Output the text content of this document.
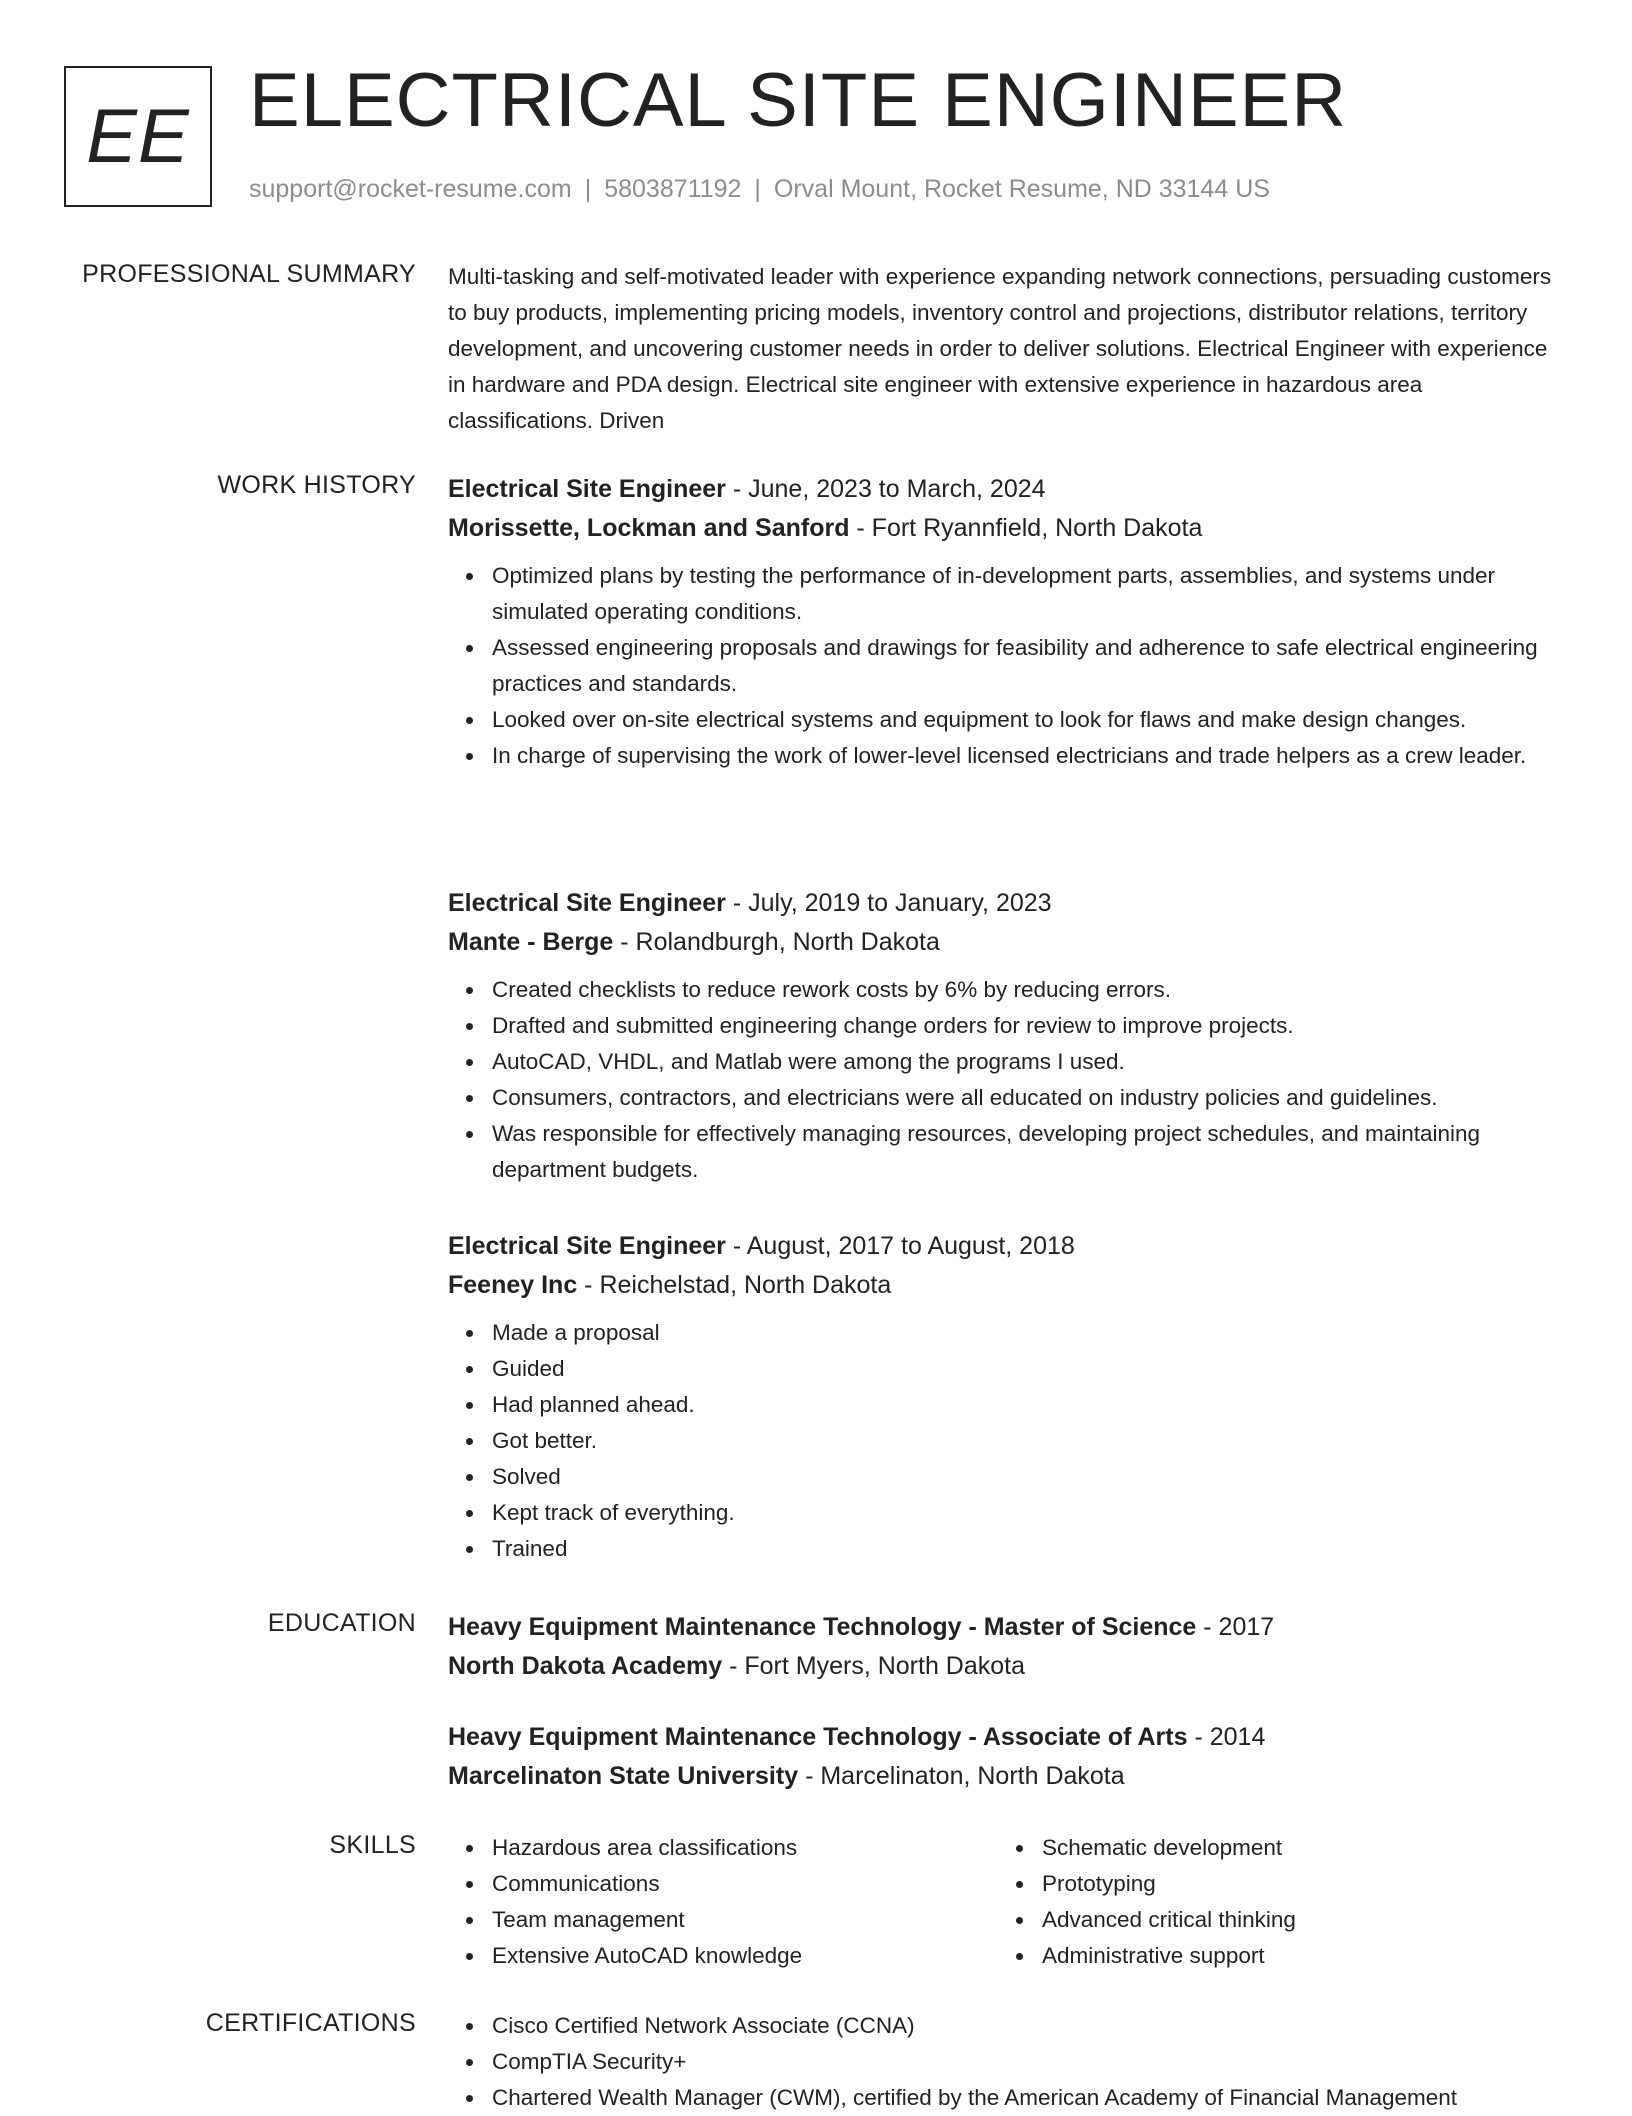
EE ELECTRICAL SITE ENGINEER
support@rocket-resume.com | 5803871192 | Orval Mount, Rocket Resume, ND 33144 US
PROFESSIONAL SUMMARY Multi-tasking and self-motivated leader with experience expanding network connections, persuading customers to buy products, implementing pricing models, inventory control and projections, distributor relations, territory development, and uncovering customer needs in order to deliver solutions. Electrical Engineer with experience in hardware and PDA design. Electrical site engineer with extensive experience in hazardous area classifications. Driven

WORK HISTORY Electrical Site Engineer - June, 2023 to March, 2024

Morissette, Lockman and Sanford - Fort Ryannfield, North Dakota

Optimized plans by testing the performance of in-development parts, assemblies, and systems under simulated operating conditions.
Assessed engineering proposals and drawings for feasibility and adherence to safe electrical engineering practices and standards.
Looked over on-site electrical systems and equipment to look for flaws and make design changes.
In charge of supervising the work of lower-level licensed electricians and trade helpers as a crew leader.

Electrical Site Engineer - July, 2019 to January, 2023

Mante - Berge - Rolandburgh, North Dakota

Created checklists to reduce rework costs by 6% by reducing errors.
Drafted and submitted engineering change orders for review to improve projects.
AutoCAD, VHDL, and Matlab were among the programs I used.
Consumers, contractors, and electricians were all educated on industry policies and guidelines.
Was responsible for effectively managing resources, developing project schedules, and maintaining department budgets.

Electrical Site Engineer - August, 2017 to August, 2018

Feeney Inc - Reichelstad, North Dakota

Made a proposal
Guided
Had planned ahead.
Got better.
Solved
Kept track of everything.
Trained
EDUCATION Heavy Equipment Maintenance Technology - Master of Science - 2017

North Dakota Academy - Fort Myers, North Dakota

Heavy Equipment Maintenance Technology - Associate of Arts - 2014

Marcelinaton State University - Marcelinaton, North Dakota

SKILLS	Hazardous area classifications
Communications
Team management
Extensive AutoCAD knowledge
Schematic development
Prototyping
Advanced critical thinking
Administrative support
CERTIFICATIONS	Cisco Certified Network Associate (CCNA)
CompTIA Security+
Chartered Wealth Manager (CWM), certified by the American Academy of Financial Management
